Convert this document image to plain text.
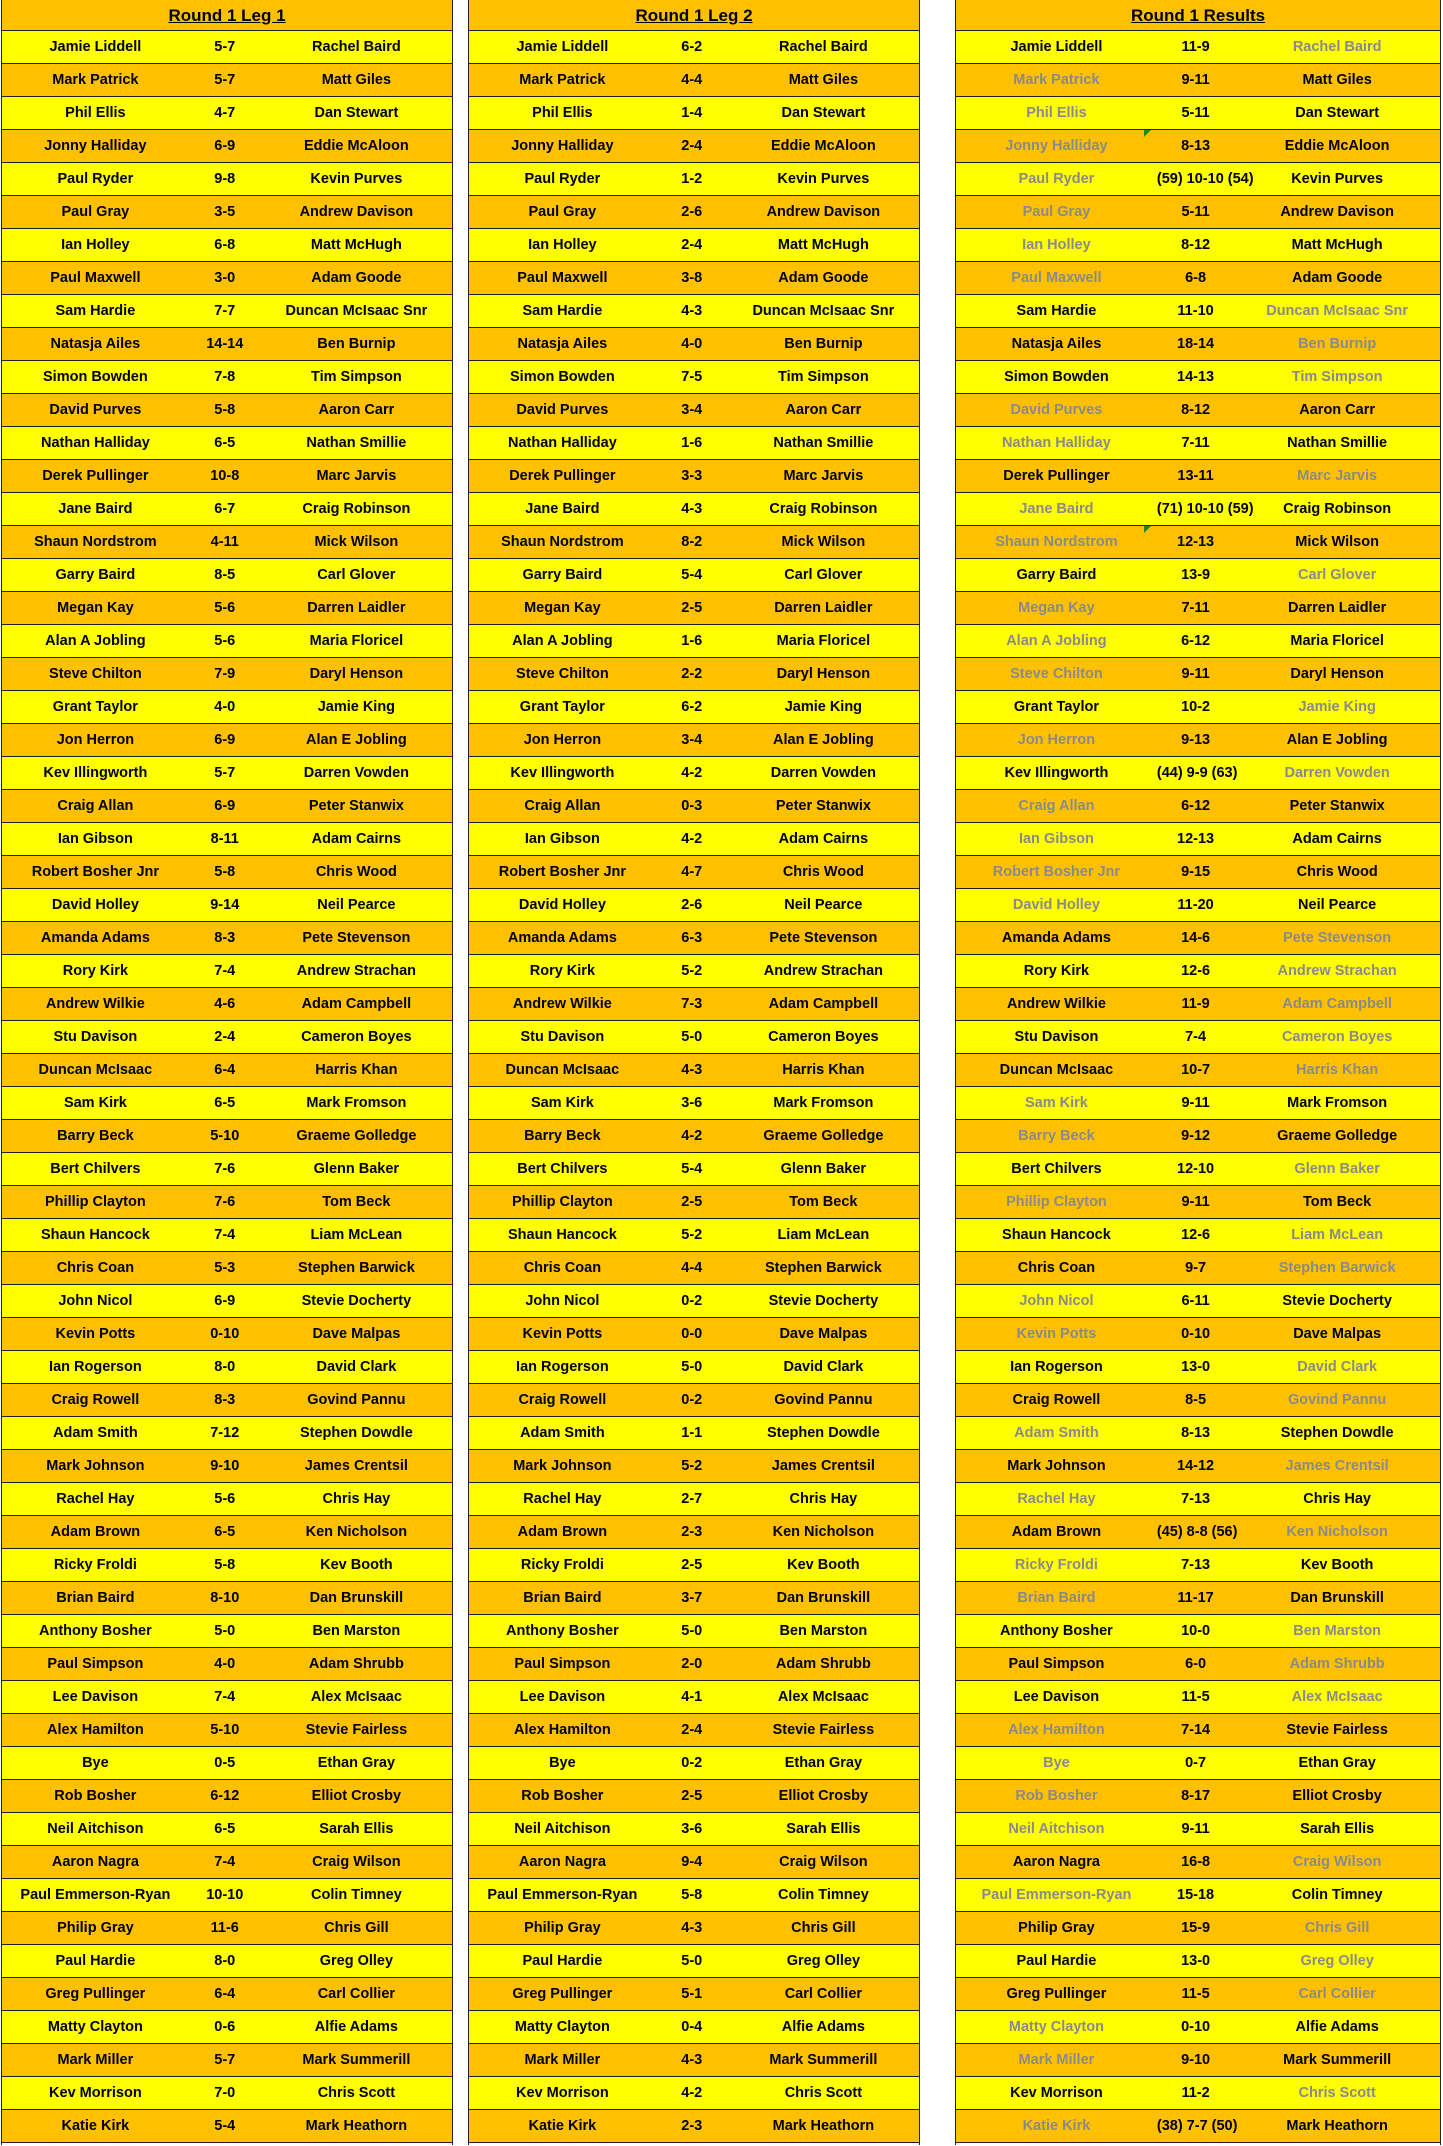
Round 1 Leg 1
Jamie Liddell	5-7	Rachel Baird
Mark Patrick	5-7	Matt Giles
Phil Ellis	4-7	Dan Stewart
Jonny Halliday	6-9	Eddie McAloon
Paul Ryder	9-8	Kevin Purves
Paul Gray	3-5	Andrew Davison
Ian Holley	6-8	Matt McHugh
Paul Maxwell	3-0	Adam Goode
Sam Hardie	7-7	Duncan McIsaac Snr
Natasja Ailes	14-14	Ben Burnip
Simon Bowden	7-8	Tim Simpson
David Purves	5-8	Aaron Carr
Nathan Halliday	6-5	Nathan Smillie
Derek Pullinger	10-8	Marc Jarvis
Jane Baird	6-7	Craig Robinson
Shaun Nordstrom	4-11	Mick Wilson
Garry Baird	8-5	Carl Glover
Megan Kay	5-6	Darren Laidler
Alan A Jobling	5-6	Maria Floricel
Steve Chilton	7-9	Daryl Henson
Grant Taylor	4-0	Jamie King
Jon Herron	6-9	Alan E Jobling
Kev Illingworth	5-7	Darren Vowden
Craig Allan	6-9	Peter Stanwix
Ian Gibson	8-11	Adam Cairns
Robert Bosher Jnr	5-8	Chris Wood
David Holley	9-14	Neil Pearce
Amanda Adams	8-3	Pete Stevenson
Rory Kirk	7-4	Andrew Strachan
Andrew Wilkie	4-6	Adam Campbell
Stu Davison	2-4	Cameron Boyes
Duncan McIsaac	6-4	Harris Khan
Sam Kirk	6-5	Mark Fromson
Barry Beck	5-10	Graeme Golledge
Bert Chilvers	7-6	Glenn Baker
Phillip Clayton	7-6	Tom Beck
Shaun Hancock	7-4	Liam McLean
Chris Coan	5-3	Stephen Barwick
John Nicol	6-9	Stevie Docherty
Kevin Potts	0-10	Dave Malpas
Ian Rogerson	8-0	David Clark
Craig Rowell	8-3	Govind Pannu
Adam Smith	7-12	Stephen Dowdle
Mark Johnson	9-10	James Crentsil
Rachel Hay	5-6	Chris Hay
Adam Brown	6-5	Ken Nicholson
Ricky Froldi	5-8	Kev Booth
Brian Baird	8-10	Dan Brunskill
Anthony Bosher	5-0	Ben Marston
Paul Simpson	4-0	Adam Shrubb
Lee Davison	7-4	Alex McIsaac
Alex Hamilton	5-10	Stevie Fairless
Bye	0-5	Ethan Gray
Rob Bosher	6-12	Elliot Crosby
Neil Aitchison	6-5	Sarah Ellis
Aaron Nagra	7-4	Craig Wilson
Paul Emmerson-Ryan	10-10	Colin Timney
Philip Gray	11-6	Chris Gill
Paul Hardie	8-0	Greg Olley
Greg Pullinger	6-4	Carl Collier
Matty Clayton	0-6	Alfie Adams
Mark Miller	5-7	Mark Summerill
Kev Morrison	7-0	Chris Scott
Katie Kirk	5-4	Mark Heathorn
Round 1 Leg 2
Jamie Liddell	6-2	Rachel Baird
Mark Patrick	4-4	Matt Giles
Phil Ellis	1-4	Dan Stewart
Jonny Halliday	2-4	Eddie McAloon
Paul Ryder	1-2	Kevin Purves
Paul Gray	2-6	Andrew Davison
Ian Holley	2-4	Matt McHugh
Paul Maxwell	3-8	Adam Goode
Sam Hardie	4-3	Duncan McIsaac Snr
Natasja Ailes	4-0	Ben Burnip
Simon Bowden	7-5	Tim Simpson
David Purves	3-4	Aaron Carr
Nathan Halliday	1-6	Nathan Smillie
Derek Pullinger	3-3	Marc Jarvis
Jane Baird	4-3	Craig Robinson
Shaun Nordstrom	8-2	Mick Wilson
Garry Baird	5-4	Carl Glover
Megan Kay	2-5	Darren Laidler
Alan A Jobling	1-6	Maria Floricel
Steve Chilton	2-2	Daryl Henson
Grant Taylor	6-2	Jamie King
Jon Herron	3-4	Alan E Jobling
Kev Illingworth	4-2	Darren Vowden
Craig Allan	0-3	Peter Stanwix
Ian Gibson	4-2	Adam Cairns
Robert Bosher Jnr	4-7	Chris Wood
David Holley	2-6	Neil Pearce
Amanda Adams	6-3	Pete Stevenson
Rory Kirk	5-2	Andrew Strachan
Andrew Wilkie	7-3	Adam Campbell
Stu Davison	5-0	Cameron Boyes
Duncan McIsaac	4-3	Harris Khan
Sam Kirk	3-6	Mark Fromson
Barry Beck	4-2	Graeme Golledge
Bert Chilvers	5-4	Glenn Baker
Phillip Clayton	2-5	Tom Beck
Shaun Hancock	5-2	Liam McLean
Chris Coan	4-4	Stephen Barwick
John Nicol	0-2	Stevie Docherty
Kevin Potts	0-0	Dave Malpas
Ian Rogerson	5-0	David Clark
Craig Rowell	0-2	Govind Pannu
Adam Smith	1-1	Stephen Dowdle
Mark Johnson	5-2	James Crentsil
Rachel Hay	2-7	Chris Hay
Adam Brown	2-3	Ken Nicholson
Ricky Froldi	2-5	Kev Booth
Brian Baird	3-7	Dan Brunskill
Anthony Bosher	5-0	Ben Marston
Paul Simpson	2-0	Adam Shrubb
Lee Davison	4-1	Alex McIsaac
Alex Hamilton	2-4	Stevie Fairless
Bye	0-2	Ethan Gray
Rob Bosher	2-5	Elliot Crosby
Neil Aitchison	3-6	Sarah Ellis
Aaron Nagra	9-4	Craig Wilson
Paul Emmerson-Ryan	5-8	Colin Timney
Philip Gray	4-3	Chris Gill
Paul Hardie	5-0	Greg Olley
Greg Pullinger	5-1	Carl Collier
Matty Clayton	0-4	Alfie Adams
Mark Miller	4-3	Mark Summerill
Kev Morrison	4-2	Chris Scott
Katie Kirk	2-3	Mark Heathorn
Round 1 Results
Jamie Liddell	11-9	Rachel Baird
Mark Patrick	9-11	Matt Giles
Phil Ellis	5-11	Dan Stewart
Jonny Halliday	8-13	Eddie McAloon
Paul Ryder	(59) 10-10 (54)	Kevin Purves
Paul Gray	5-11	Andrew Davison
Ian Holley	8-12	Matt McHugh
Paul Maxwell	6-8	Adam Goode
Sam Hardie	11-10	Duncan McIsaac Snr
Natasja Ailes	18-14	Ben Burnip
Simon Bowden	14-13	Tim Simpson
David Purves	8-12	Aaron Carr
Nathan Halliday	7-11	Nathan Smillie
Derek Pullinger	13-11	Marc Jarvis
Jane Baird	(71) 10-10 (59)	Craig Robinson
Shaun Nordstrom	12-13	Mick Wilson
Garry Baird	13-9	Carl Glover
Megan Kay	7-11	Darren Laidler
Alan A Jobling	6-12	Maria Floricel
Steve Chilton	9-11	Daryl Henson
Grant Taylor	10-2	Jamie King
Jon Herron	9-13	Alan E Jobling
Kev Illingworth	(44) 9-9 (63)	Darren Vowden
Craig Allan	6-12	Peter Stanwix
Ian Gibson	12-13	Adam Cairns
Robert Bosher Jnr	9-15	Chris Wood
David Holley	11-20	Neil Pearce
Amanda Adams	14-6	Pete Stevenson
Rory Kirk	12-6	Andrew Strachan
Andrew Wilkie	11-9	Adam Campbell
Stu Davison	7-4	Cameron Boyes
Duncan McIsaac	10-7	Harris Khan
Sam Kirk	9-11	Mark Fromson
Barry Beck	9-12	Graeme Golledge
Bert Chilvers	12-10	Glenn Baker
Phillip Clayton	9-11	Tom Beck
Shaun Hancock	12-6	Liam McLean
Chris Coan	9-7	Stephen Barwick
John Nicol	6-11	Stevie Docherty
Kevin Potts	0-10	Dave Malpas
Ian Rogerson	13-0	David Clark
Craig Rowell	8-5	Govind Pannu
Adam Smith	8-13	Stephen Dowdle
Mark Johnson	14-12	James Crentsil
Rachel Hay	7-13	Chris Hay
Adam Brown	(45) 8-8 (56)	Ken Nicholson
Ricky Froldi	7-13	Kev Booth
Brian Baird	11-17	Dan Brunskill
Anthony Bosher	10-0	Ben Marston
Paul Simpson	6-0	Adam Shrubb
Lee Davison	11-5	Alex McIsaac
Alex Hamilton	7-14	Stevie Fairless
Bye	0-7	Ethan Gray
Rob Bosher	8-17	Elliot Crosby
Neil Aitchison	9-11	Sarah Ellis
Aaron Nagra	16-8	Craig Wilson
Paul Emmerson-Ryan	15-18	Colin Timney
Philip Gray	15-9	Chris Gill
Paul Hardie	13-0	Greg Olley
Greg Pullinger	11-5	Carl Collier
Matty Clayton	0-10	Alfie Adams
Mark Miller	9-10	Mark Summerill
Kev Morrison	11-2	Chris Scott
Katie Kirk	(38) 7-7 (50)	Mark Heathorn
